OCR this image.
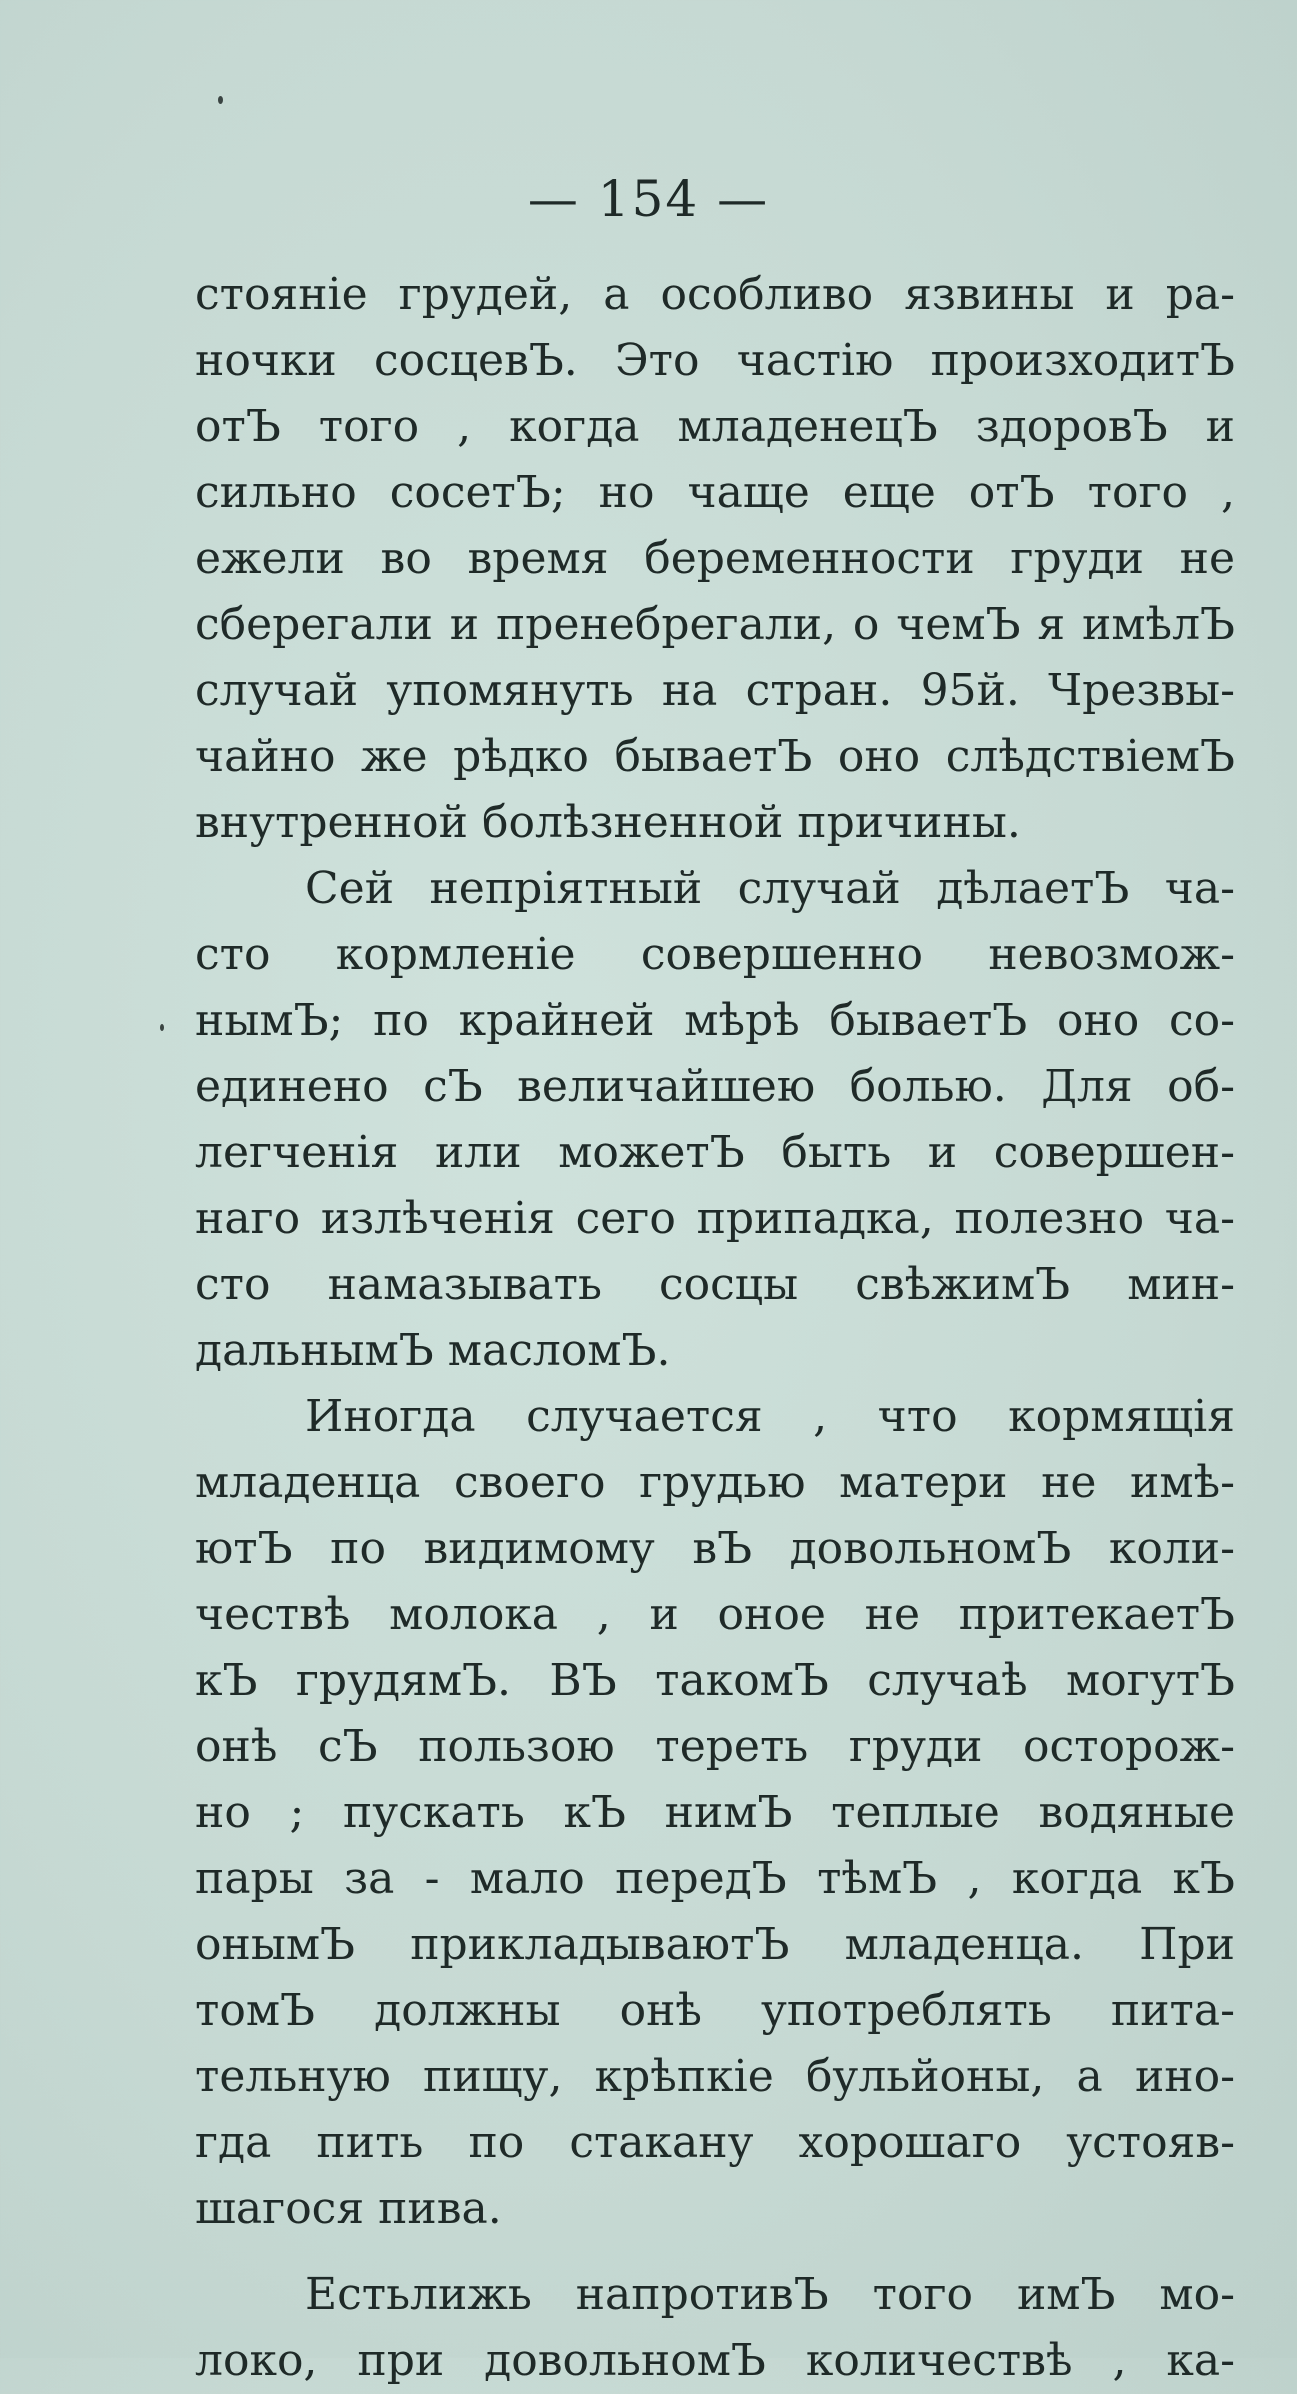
— 154 —
стояніе грудей, а особливо язвины и ра-
ночки сосцевЪ. Это частію произходитЪ
отЪ того , когда младенецЪ здоровЪ и
сильно сосетЪ; но чаще еще отЪ того ,
ежели во время беременности груди не
сберегали и пренебрегали, о чемЪ я имѣлЪ
случай упомянуть на стран. 95й. Чрезвы-
чайно же рѣдко бываетЪ оно слѣдствіемЪ
внутренной болѣзненной причины.
Сей непріятный случай дѣлаетЪ ча-
сто кормленіе совершенно невозмож-
нымЪ; по крайней мѣрѣ бываетЪ оно со-
единено сЪ величайшею болью. Для об-
легченія или можетЪ быть и совершен-
наго излѣченія сего припадка, полезно ча-
сто намазывать сосцы свѣжимЪ мин-
дальнымЪ масломЪ.
Иногда случается , что кормящія
младенца своего грудью матери не имѣ-
ютЪ по видимому вЪ довольномЪ коли-
чествѣ молока , и оное не притекаетЪ
кЪ грудямЪ. ВЪ такомЪ случаѣ могутЪ
онѣ сЪ пользою тереть груди осторож-
но ; пускать кЪ нимЪ теплые водяные
пары за - мало передЪ тѣмЪ , когда кЪ
онымЪ прикладываютЪ младенца. При
томЪ должны онѣ употреблять пита-
тельную пищу, крѣпкіе бульйоны, а ино-
гда пить по стакану хорошаго устояв-
шагося пива.
Естьлижь напротивЪ того имЪ мо-
локо, при довольномЪ количествѣ , ка-
